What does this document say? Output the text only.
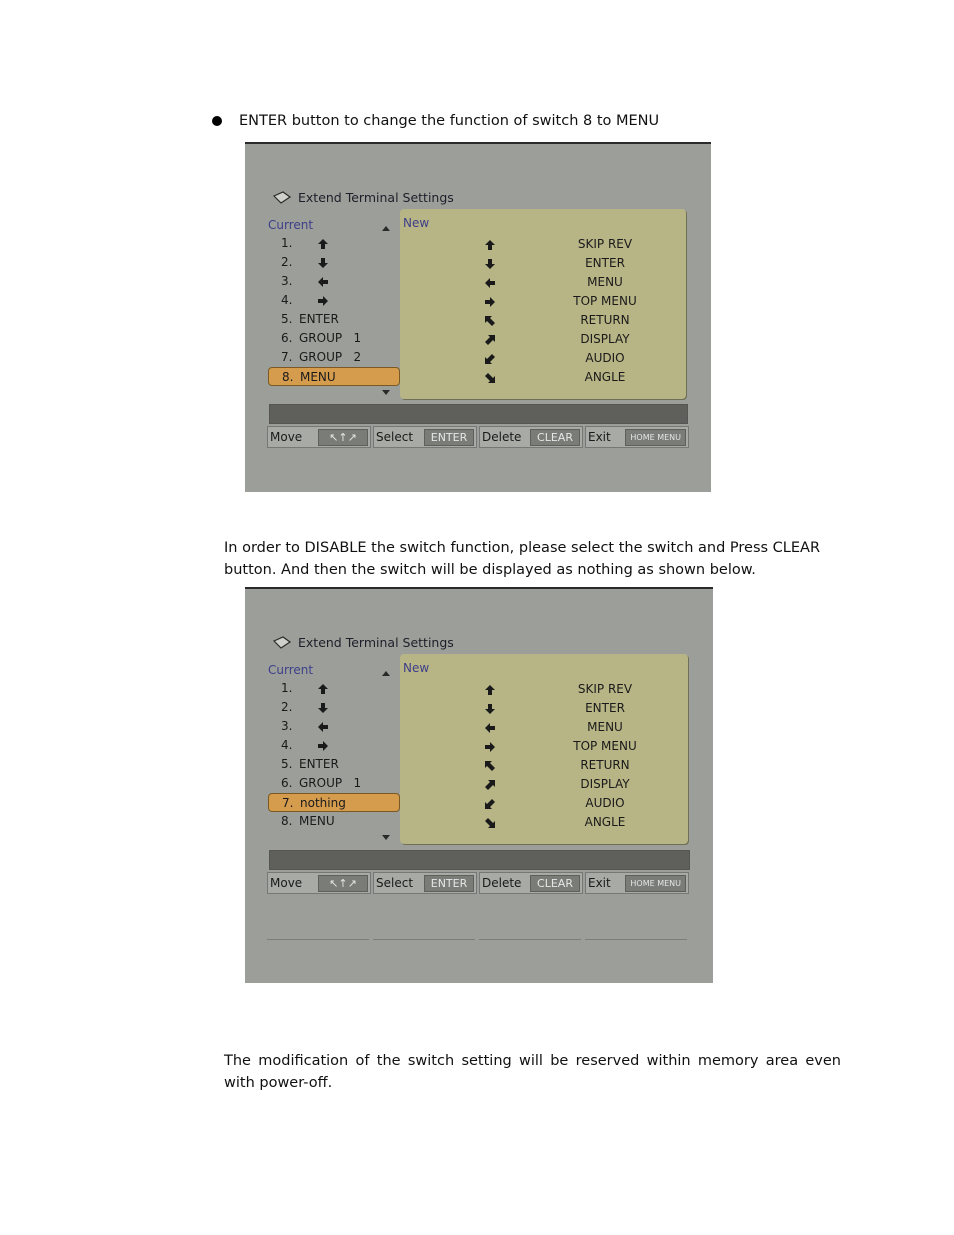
ENTER button to change the function of switch 8 to MENU
Extend Terminal Settings
Current
1.
2.
3.
4.
5. ENTER
6. GROUP   1
7. GROUP   2
8. MENU
New
SKIP REV
ENTER
MENU
TOP MENU
RETURN
DISPLAY
AUDIO
ANGLE
Move	↖↑↗	Select	ENTER	Delete	CLEAR	Exit	HOME MENU
In order to DISABLE the switch function, please select the switch and Press CLEAR button. And then the switch will be displayed as nothing as shown below.
Extend Terminal Settings
Current
1.
2.
3.
4.
5. ENTER
6. GROUP   1
7. nothing
8. MENU
New
SKIP REV
ENTER
MENU
TOP MENU
RETURN
DISPLAY
AUDIO
ANGLE
Move	↖↑↗	Select	ENTER	Delete	CLEAR	Exit	HOME MENU
The modification of the switch setting will be reserved within memory area even with power-off.
